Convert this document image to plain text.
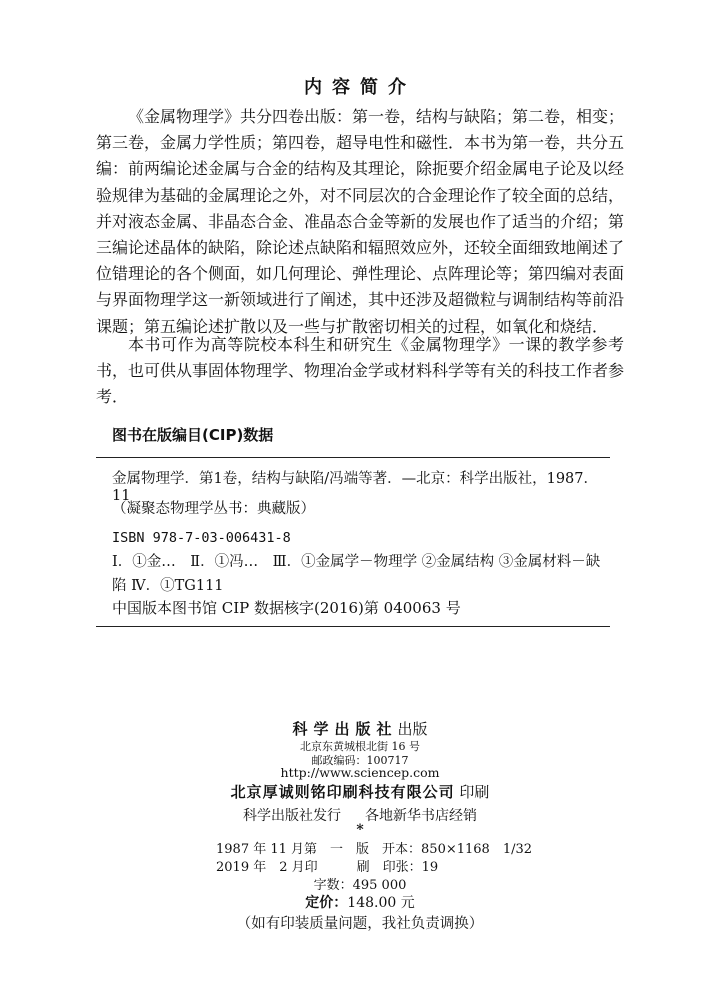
内容简介

《金属物理学》共分四卷出版：第一卷，结构与缺陷；第二卷，相变；第三卷，金属力学性质；第四卷，超导电性和磁性．本书为第一卷，共分五编：前两编论述金属与合金的结构及其理论，除扼要介绍金属电子论及以经验规律为基础的金属理论之外，对不同层次的合金理论作了较全面的总结，并对液态金属、非晶态合金、准晶态合金等新的发展也作了适当的介绍；第三编论述晶体的缺陷，除论述点缺陷和辐照效应外，还较全面细致地阐述了位错理论的各个侧面，如几何理论、弹性理论、点阵理论等；第四编对表面与界面物理学这一新领域进行了阐述，其中还涉及超微粒与调制结构等前沿课题；第五编论述扩散以及一些与扩散密切相关的过程，如氧化和烧结．

本书可作为高等院校本科生和研究生《金属物理学》一课的教学参考书，也可供从事固体物理学、物理冶金学或材料科学等有关的科技工作者参考．

图书在版编目(CIP)数据

金属物理学．第1卷，结构与缺陷/冯端等著．—北京：科学出版社，1987．11

（凝聚态物理学丛书：典藏版）

ISBN 978-7-03-006431-8

Ⅰ．①金…　Ⅱ．①冯…　Ⅲ．①金属学－物理学 ②金属结构 ③金属材料－缺陷 Ⅳ．①TG111

中国版本图书馆 CIP 数据核字(2016)第 040063 号

科学出版社出版
北京东黄城根北街 16 号
邮政编码：100717
http://www.sciencep.com
北京厚诚则铭印刷科技有限公司 印刷
科学出版社发行 各地新华书店经销
*
1987 年 11 月第　一　版　开本：850×1168　1/32
2019 年　2 月印　　　刷　印张：19
字数：495 000
定价：148.00 元
（如有印装质量问题，我社负责调换）
